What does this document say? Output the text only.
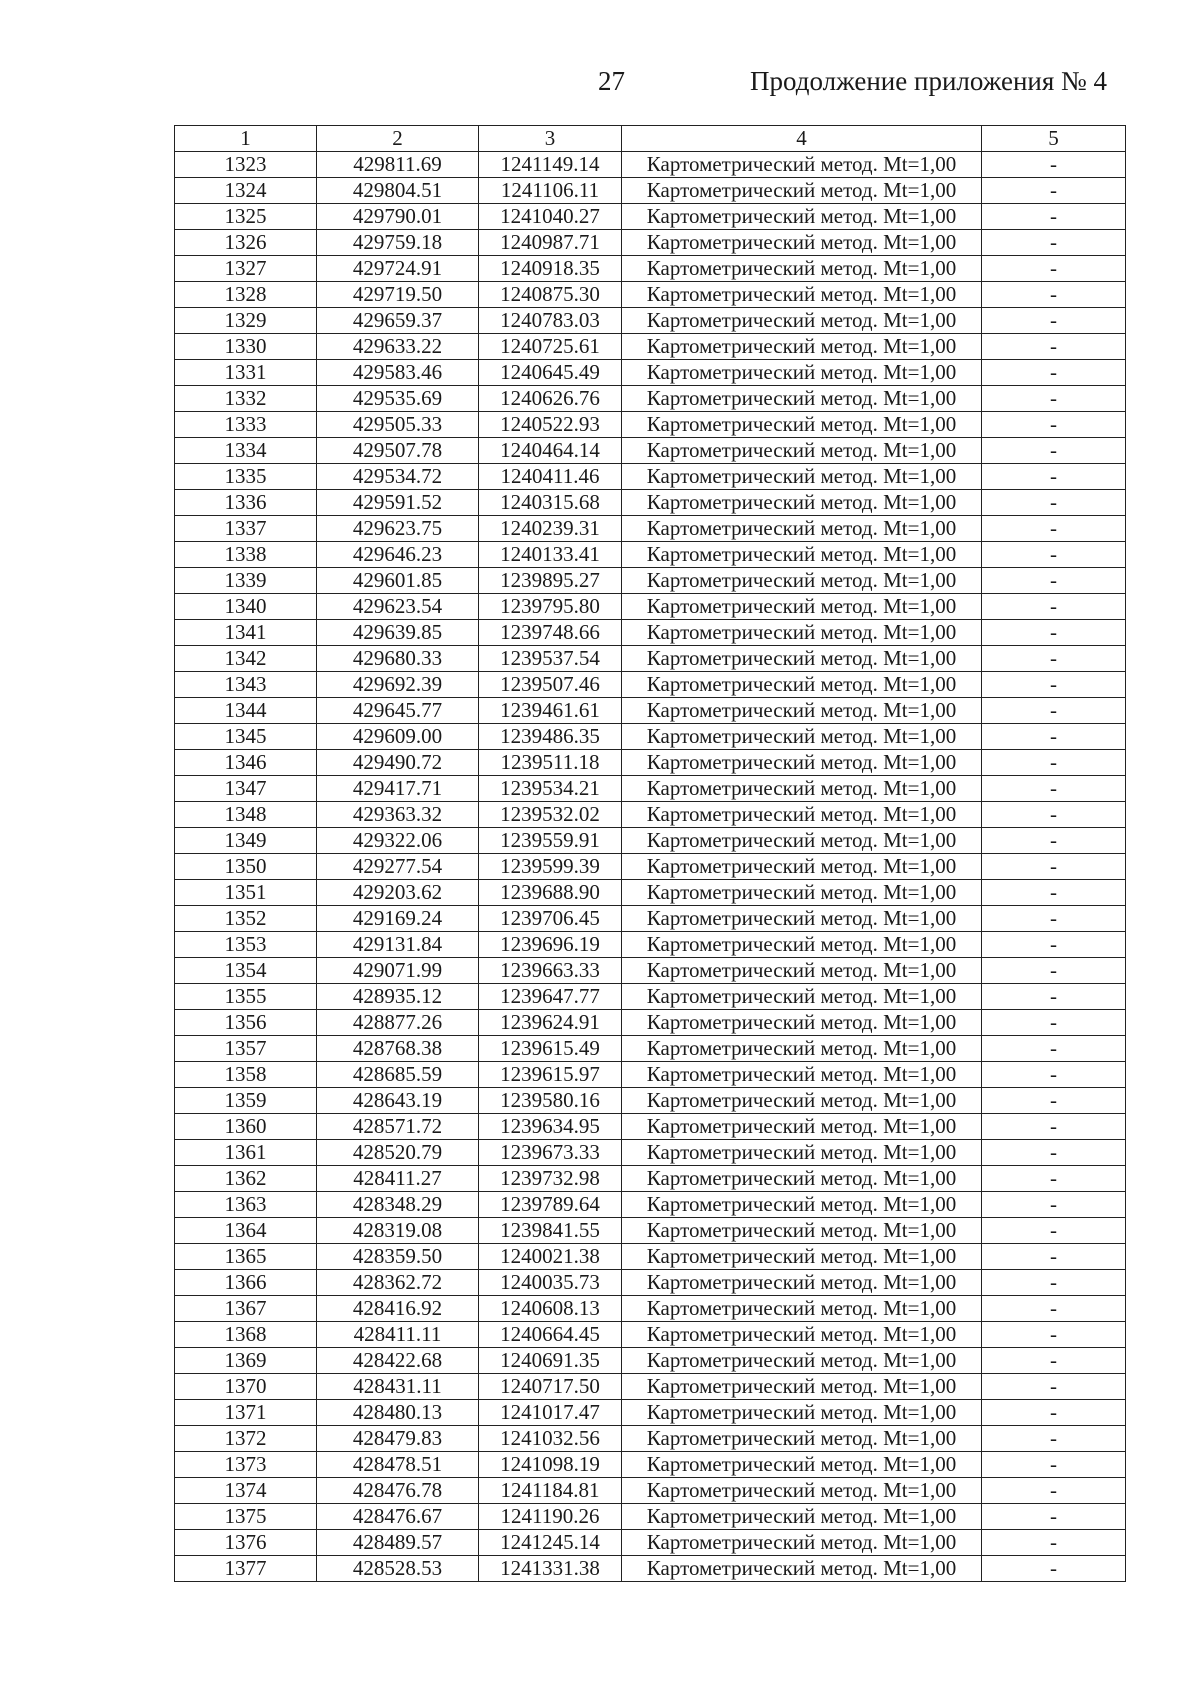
27	Продолжение приложения № 4
1	2	3	4	5
1323	429811.69	1241149.14	Картометрический метод. Mt=1,00	-
1324	429804.51	1241106.11	Картометрический метод. Mt=1,00	-
1325	429790.01	1241040.27	Картометрический метод. Mt=1,00	-
1326	429759.18	1240987.71	Картометрический метод. Mt=1,00	-
1327	429724.91	1240918.35	Картометрический метод. Mt=1,00	-
1328	429719.50	1240875.30	Картометрический метод. Mt=1,00	-
1329	429659.37	1240783.03	Картометрический метод. Mt=1,00	-
1330	429633.22	1240725.61	Картометрический метод. Mt=1,00	-
1331	429583.46	1240645.49	Картометрический метод. Mt=1,00	-
1332	429535.69	1240626.76	Картометрический метод. Mt=1,00	-
1333	429505.33	1240522.93	Картометрический метод. Mt=1,00	-
1334	429507.78	1240464.14	Картометрический метод. Mt=1,00	-
1335	429534.72	1240411.46	Картометрический метод. Mt=1,00	-
1336	429591.52	1240315.68	Картометрический метод. Mt=1,00	-
1337	429623.75	1240239.31	Картометрический метод. Mt=1,00	-
1338	429646.23	1240133.41	Картометрический метод. Mt=1,00	-
1339	429601.85	1239895.27	Картометрический метод. Mt=1,00	-
1340	429623.54	1239795.80	Картометрический метод. Mt=1,00	-
1341	429639.85	1239748.66	Картометрический метод. Mt=1,00	-
1342	429680.33	1239537.54	Картометрический метод. Mt=1,00	-
1343	429692.39	1239507.46	Картометрический метод. Mt=1,00	-
1344	429645.77	1239461.61	Картометрический метод. Mt=1,00	-
1345	429609.00	1239486.35	Картометрический метод. Mt=1,00	-
1346	429490.72	1239511.18	Картометрический метод. Mt=1,00	-
1347	429417.71	1239534.21	Картометрический метод. Mt=1,00	-
1348	429363.32	1239532.02	Картометрический метод. Mt=1,00	-
1349	429322.06	1239559.91	Картометрический метод. Mt=1,00	-
1350	429277.54	1239599.39	Картометрический метод. Mt=1,00	-
1351	429203.62	1239688.90	Картометрический метод. Mt=1,00	-
1352	429169.24	1239706.45	Картометрический метод. Mt=1,00	-
1353	429131.84	1239696.19	Картометрический метод. Mt=1,00	-
1354	429071.99	1239663.33	Картометрический метод. Mt=1,00	-
1355	428935.12	1239647.77	Картометрический метод. Mt=1,00	-
1356	428877.26	1239624.91	Картометрический метод. Mt=1,00	-
1357	428768.38	1239615.49	Картометрический метод. Mt=1,00	-
1358	428685.59	1239615.97	Картометрический метод. Mt=1,00	-
1359	428643.19	1239580.16	Картометрический метод. Mt=1,00	-
1360	428571.72	1239634.95	Картометрический метод. Mt=1,00	-
1361	428520.79	1239673.33	Картометрический метод. Mt=1,00	-
1362	428411.27	1239732.98	Картометрический метод. Mt=1,00	-
1363	428348.29	1239789.64	Картометрический метод. Mt=1,00	-
1364	428319.08	1239841.55	Картометрический метод. Mt=1,00	-
1365	428359.50	1240021.38	Картометрический метод. Mt=1,00	-
1366	428362.72	1240035.73	Картометрический метод. Mt=1,00	-
1367	428416.92	1240608.13	Картометрический метод. Mt=1,00	-
1368	428411.11	1240664.45	Картометрический метод. Mt=1,00	-
1369	428422.68	1240691.35	Картометрический метод. Mt=1,00	-
1370	428431.11	1240717.50	Картометрический метод. Mt=1,00	-
1371	428480.13	1241017.47	Картометрический метод. Mt=1,00	-
1372	428479.83	1241032.56	Картометрический метод. Mt=1,00	-
1373	428478.51	1241098.19	Картометрический метод. Mt=1,00	-
1374	428476.78	1241184.81	Картометрический метод. Mt=1,00	-
1375	428476.67	1241190.26	Картометрический метод. Mt=1,00	-
1376	428489.57	1241245.14	Картометрический метод. Mt=1,00	-
1377	428528.53	1241331.38	Картометрический метод. Mt=1,00	-
